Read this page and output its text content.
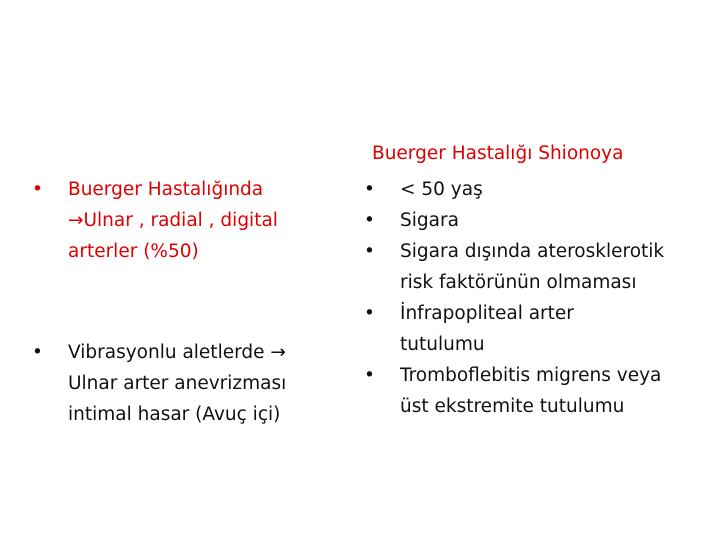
•	Buerger Hastalığında
→Ulnar , radial , digital
arterler (%50)
•	Vibrasyonlu aletlerde →
Ulnar arter anevrizması
intimal hasar (Avuç içi)
Buerger Hastalığı Shionoya
•	< 50 yaş
•	Sigara
•	Sigara dışında aterosklerotik
risk faktörünün olmaması
•	İnfrapopliteal arter
tutulumu
•	Tromboflebitis migrens veya
üst ekstremite tutulumu
